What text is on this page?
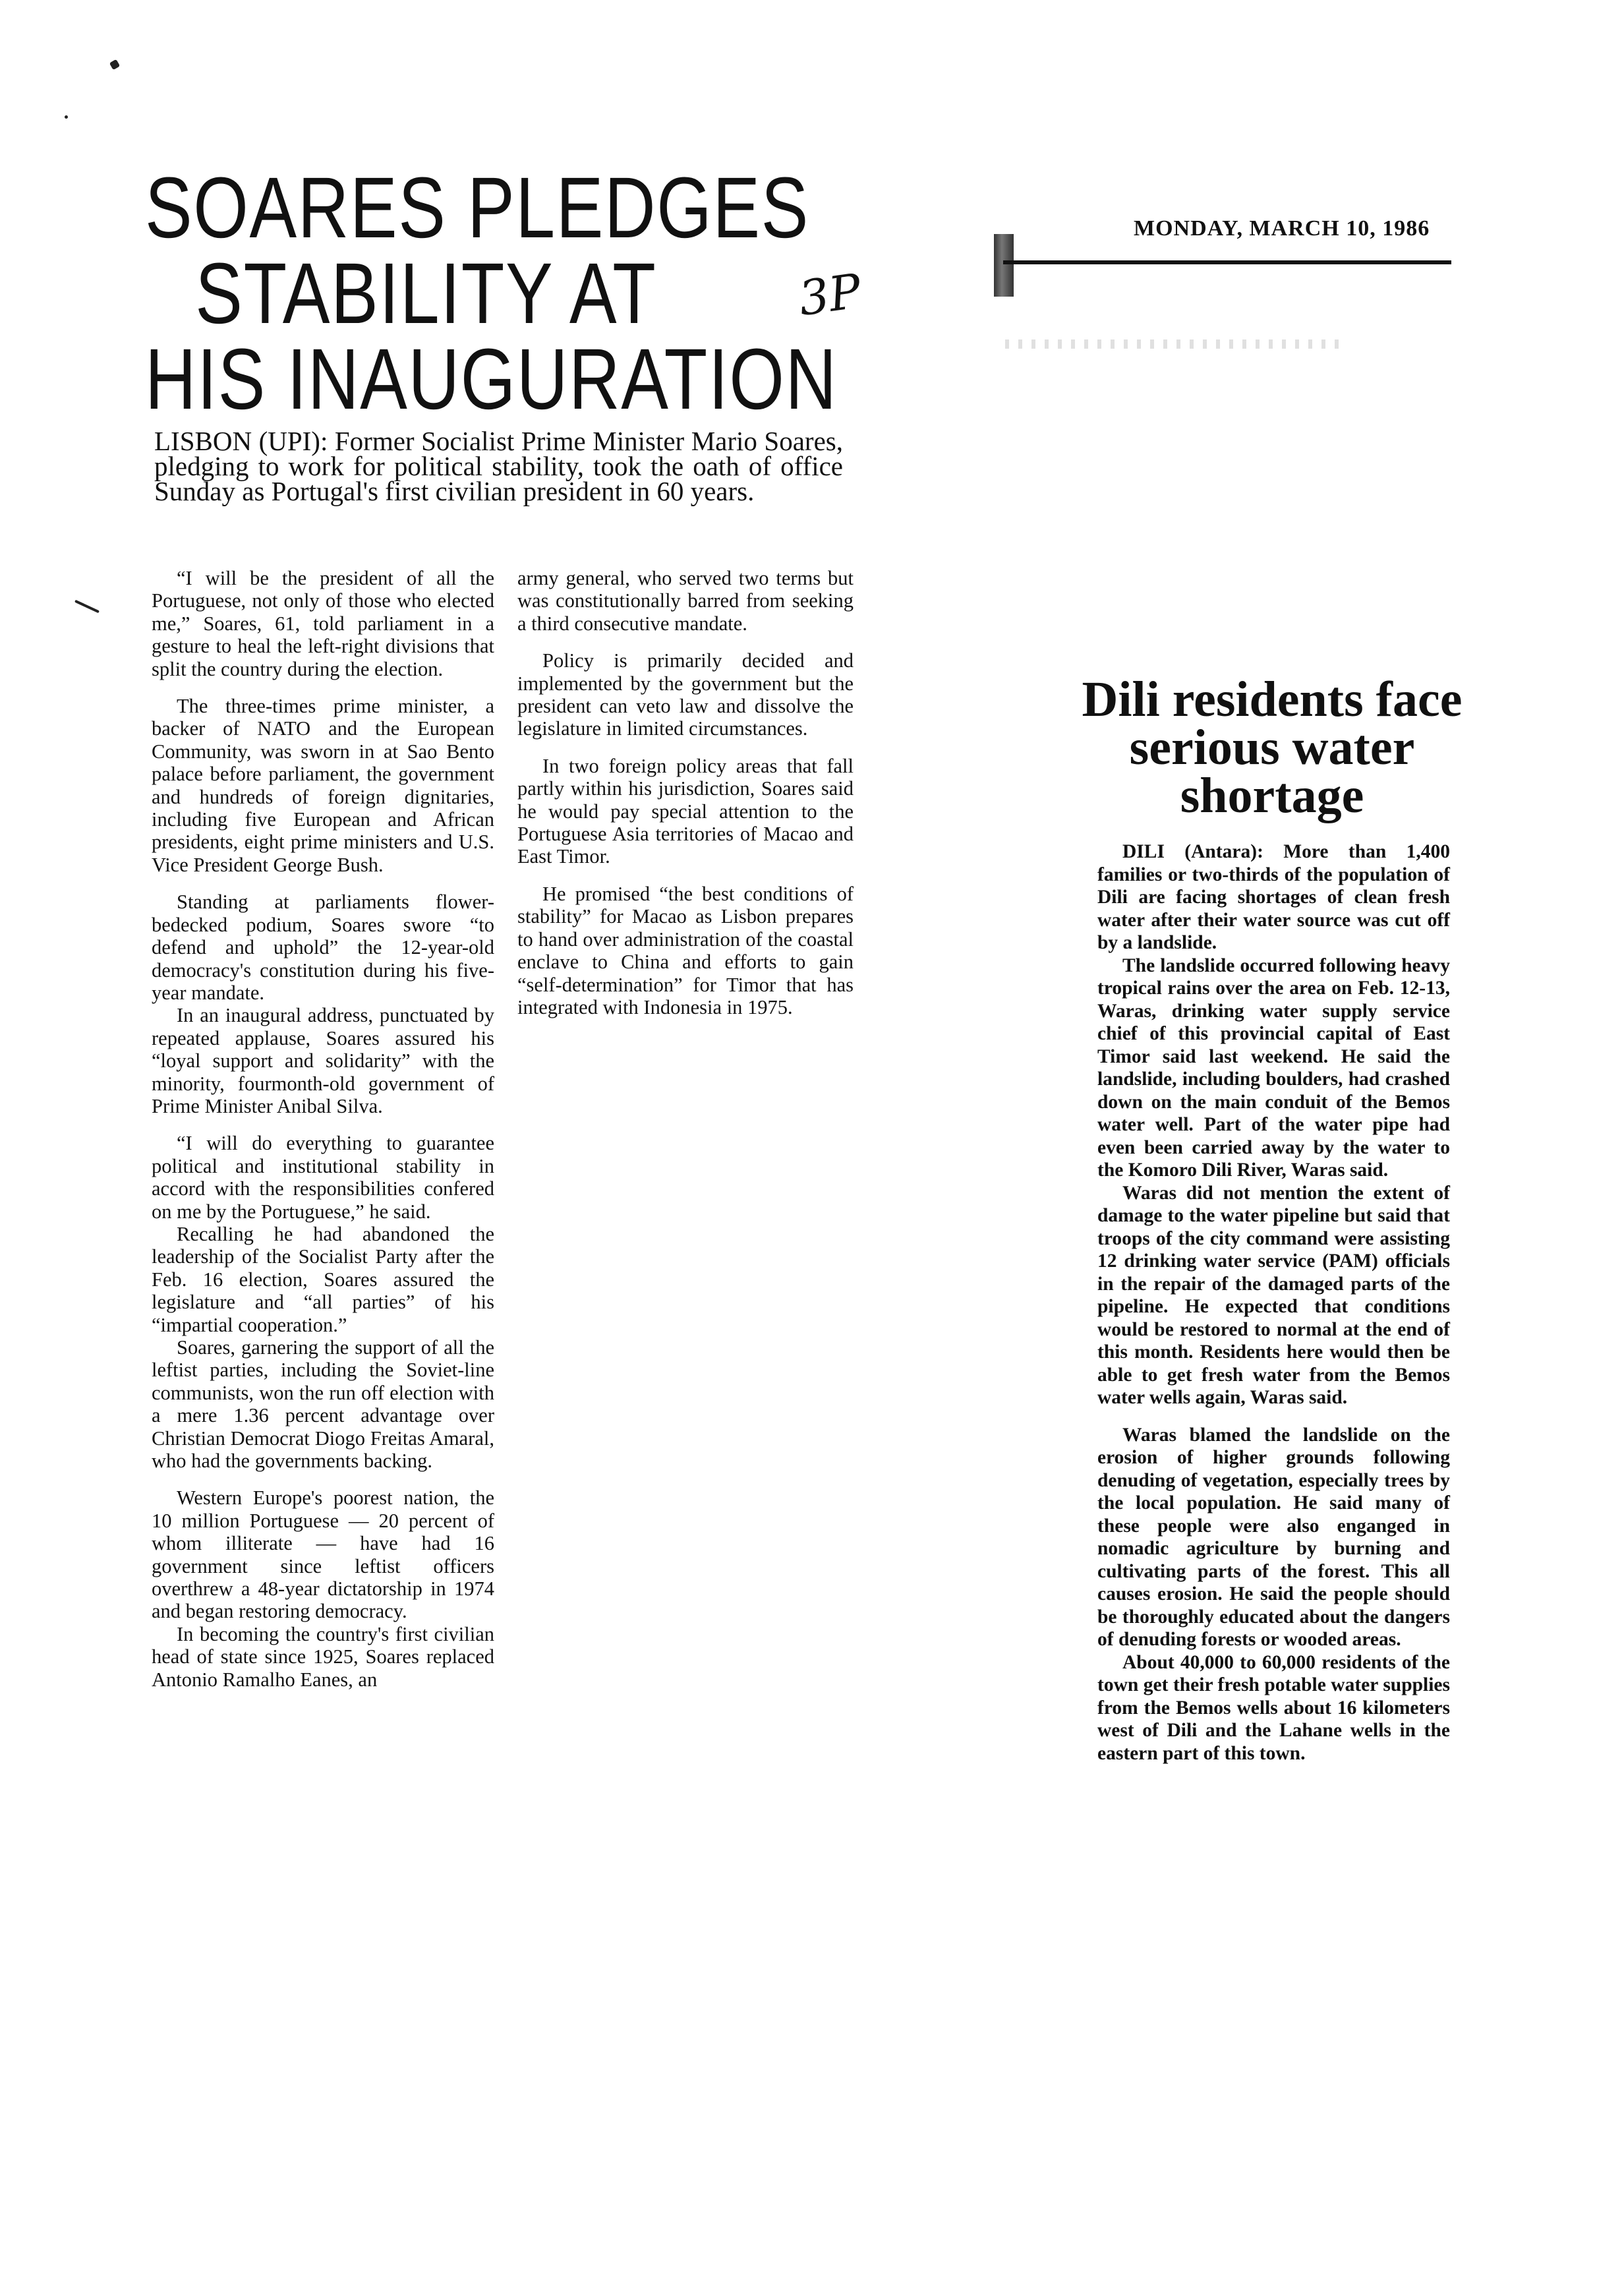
SOARES PLEDGES
STABILITY AT
HIS INAUGURATION
3P
MONDAY, MARCH 10, 1986
LISBON (UPI): Former Socialist Prime Minister Mario Soares, pledging to work for political stability, took the oath of office Sunday as Portugal's first civilian president in 60 years.

“I will be the president of all the Portuguese, not only of those who elected me,” Soares, 61, told parliament in a gesture to heal the left-right divisions that split the country during the election.

The three-times prime minister, a backer of NATO and the European Community, was sworn in at Sao Bento palace before parliament, the government and hundreds of foreign dignitaries, including five European and African presidents, eight prime ministers and U.S. Vice President George Bush.

Standing at parliaments flower-bedecked podium, Soares swore “to defend and uphold” the 12-year-old democracy's constitution during his five-year mandate.

In an inaugural address, punctuated by repeated applause, Soares assured his “loyal support and solidarity” with the minority, fourmonth-old government of Prime Minister Anibal Silva.

“I will do everything to guarantee political and institutional stability in accord with the responsibilities confered on me by the Portuguese,” he said.

Recalling he had abandoned the leadership of the Socialist Party after the Feb. 16 election, Soares assured the legislature and “all parties” of his “impartial cooperation.”

Soares, garnering the support of all the leftist parties, including the Soviet-line communists, won the run off election with a mere 1.36 percent advantage over Christian Democrat Diogo Freitas Amaral, who had the governments backing.

Western Europe's poorest nation, the 10 million Portuguese — 20 percent of whom illiterate — have had 16 government since leftist officers overthrew a 48-year dictatorship in 1974 and began restoring democracy.

In becoming the country's first civilian head of state since 1925, Soares replaced Antonio Ramalho Eanes, an

army general, who served two terms but was constitutionally barred from seeking a third consecutive mandate.

Policy is primarily decided and implemented by the government but the president can veto law and dissolve the legislature in limited circumstances.

In two foreign policy areas that fall partly within his jurisdiction, Soares said he would pay special attention to the Portuguese Asia territories of Macao and East Timor.

He promised “the best conditions of stability” for Macao as Lisbon prepares to hand over administration of the coastal enclave to China and efforts to gain “self-determination” for Timor that has integrated with Indonesia in 1975.

Dili residents face serious water shortage

DILI (Antara): More than 1,400 families or two-thirds of the population of Dili are facing shortages of clean fresh water after their water source was cut off by a landslide.

The landslide occurred following heavy tropical rains over the area on Feb. 12-13, Waras, drinking water supply service chief of this provincial capital of East Timor said last weekend. He said the landslide, including boulders, had crashed down on the main conduit of the Bemos water well. Part of the water pipe had even been carried away by the water to the Komoro Dili River, Waras said.

Waras did not mention the extent of damage to the water pipeline but said that troops of the city command were assisting 12 drinking water service (PAM) officials in the repair of the damaged parts of the pipeline. He expected that conditions would be restored to normal at the end of this month. Residents here would then be able to get fresh water from the Bemos water wells again, Waras said.

Waras blamed the landslide on the erosion of higher grounds following denuding of vegetation, especially trees by the local population. He said many of these people were also enganged in nomadic agriculture by burning and cultivating parts of the forest. This all causes erosion. He said the people should be thoroughly educated about the dangers of denuding forests or wooded areas.

About 40,000 to 60,000 residents of the town get their fresh potable water supplies from the Bemos wells about 16 kilometers west of Dili and the Lahane wells in the eastern part of this town.
